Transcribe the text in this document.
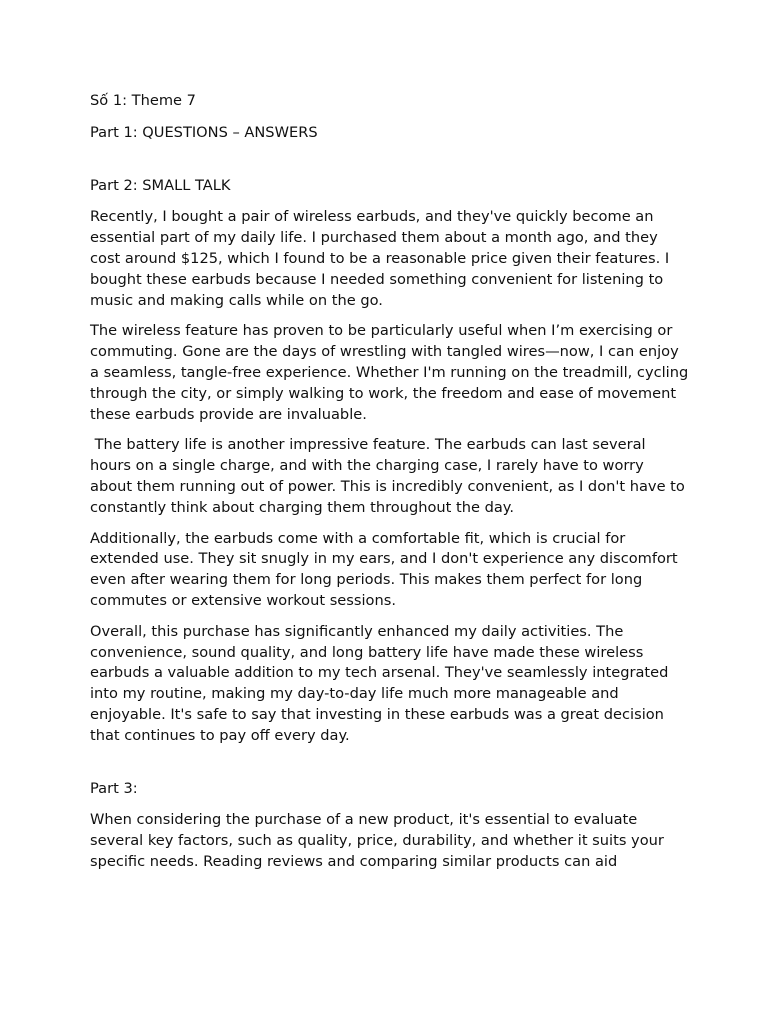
Số 1: Theme 7

Part 1: QUESTIONS – ANSWERS

Part 2: SMALL TALK

Recently, I bought a pair of wireless earbuds, and they've quickly become an essential part of my daily life. I purchased them about a month ago, and they cost around $125, which I found to be a reasonable price given their features. I bought these earbuds because I needed something convenient for listening to music and making calls while on the go.

The wireless feature has proven to be particularly useful when I’m exercising or commuting. Gone are the days of wrestling with tangled wires—now, I can enjoy a seamless, tangle-free experience. Whether I'm running on the treadmill, cycling through the city, or simply walking to work, the freedom and ease of movement these earbuds provide are invaluable.

The battery life is another impressive feature. The earbuds can last several hours on a single charge, and with the charging case, I rarely have to worry about them running out of power. This is incredibly convenient, as I don't have to constantly think about charging them throughout the day.

Additionally, the earbuds come with a comfortable fit, which is crucial for extended use. They sit snugly in my ears, and I don't experience any discomfort even after wearing them for long periods. This makes them perfect for long commutes or extensive workout sessions.

Overall, this purchase has significantly enhanced my daily activities. The convenience, sound quality, and long battery life have made these wireless earbuds a valuable addition to my tech arsenal. They've seamlessly integrated into my routine, making my day-to-day life much more manageable and enjoyable. It's safe to say that investing in these earbuds was a great decision that continues to pay off every day.

Part 3:

When considering the purchase of a new product, it's essential to evaluate several key factors, such as quality, price, durability, and whether it suits your specific needs. Reading reviews and comparing similar products can aid
